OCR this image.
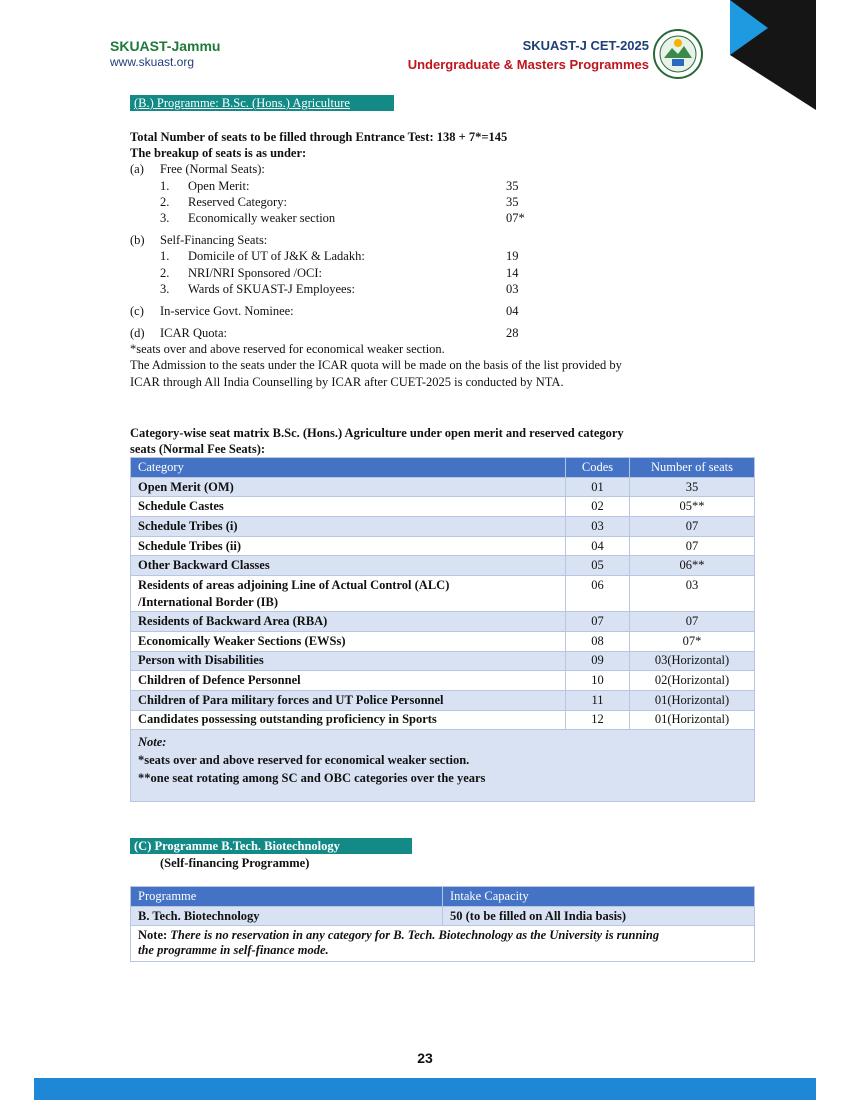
SKUAST-Jammu
www.skuast.org
SKUAST-J CET-2025
Undergraduate & Masters Programmes
(B.) Programme: B.Sc. (Hons.) Agriculture
Total Number of seats to be filled through Entrance Test: 138 + 7*=145
The breakup of seats is as under:
(a) Free (Normal Seats):
1. Open Merit:	35
2. Reserved Category:	35
3. Economically weaker section	07*
(b) Self-Financing Seats:
1. Domicile of UT of J&K & Ladakh:	19
2. NRI/NRI Sponsored /OCI:	14
3. Wards of SKUAST-J Employees:	03
(c) In-service Govt. Nominee:	04
(d) ICAR Quota:	28
*seats over and above reserved for economical weaker section.
The Admission to the seats under the ICAR quota will be made on the basis of the list provided by
ICAR through All India Counselling by ICAR after CUET-2025 is conducted by NTA.
Category-wise seat matrix B.Sc. (Hons.) Agriculture under open merit and reserved category
seats (Normal Fee Seats):
Category	Codes	Number of seats
Open Merit (OM)	01	35
Schedule Castes	02	05**
Schedule Tribes (i)	03	07
Schedule Tribes (ii)	04	07
Other Backward Classes	05	06**

Residents of areas adjoining Line of Actual Control (ALC)
/International Border (IB)	06	03
Residents of Backward Area (RBA)	07	07
Economically Weaker Sections (EWSs)	08	07*
Person with Disabilities	09	03(Horizontal)
Children of Defence Personnel	10	02(Horizontal)
Children of Para military forces and UT Police Personnel	11	01(Horizontal)
Candidates possessing outstanding proficiency in Sports	12	01(Horizontal)

Note:
*seats over and above reserved for economical weaker section.
**one seat rotating among SC and OBC categories over the years		
(C) Programme B.Tech. Biotechnology
(Self-financing Programme)
Programme	Intake Capacity
B. Tech. Biotechnology	50 (to be filled on All India basis)

Note: There is no reservation in any category for B. Tech. Biotechnology as the University is running
the programme in self-finance mode.	
23
